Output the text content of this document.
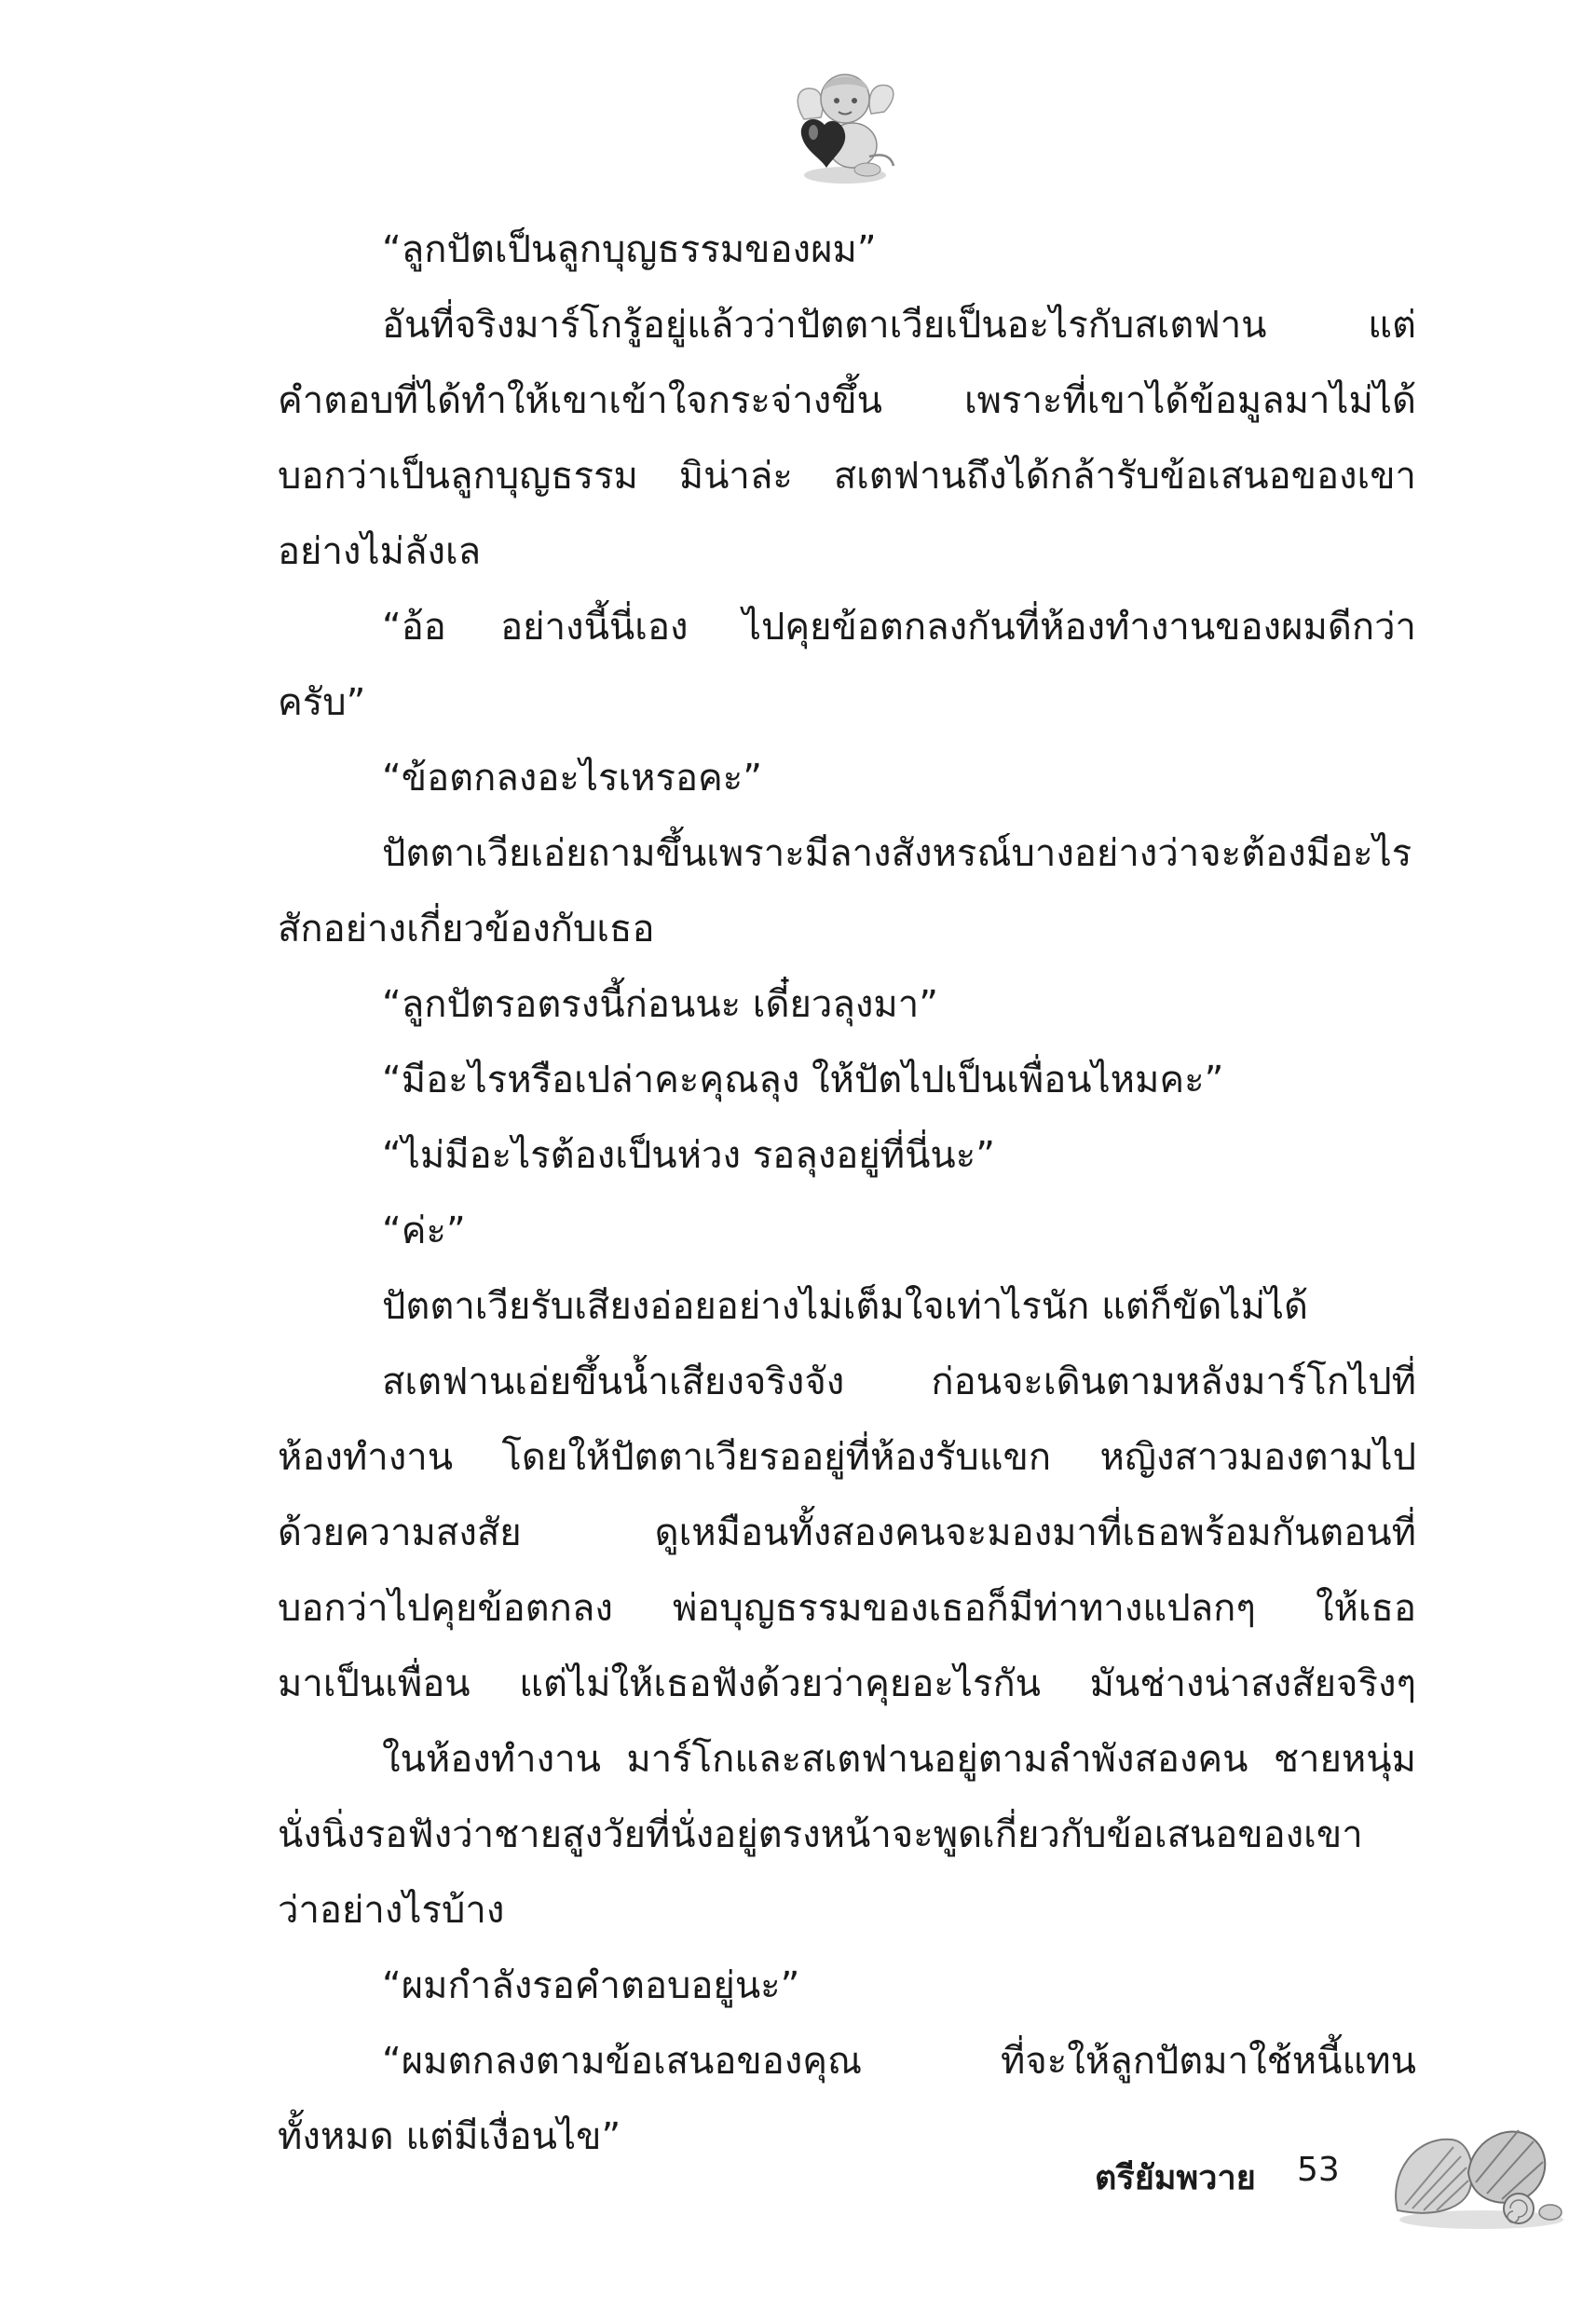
“ลูกปัตเป็นลูกบุญธรรมของผม”
อันที่จริงมาร์โกรู้อยู่แล้วว่าปัตตาเวียเป็นอะไรกับสเตฟาน แต่
คำตอบที่ได้ทำให้เขาเข้าใจกระจ่างขึ้น เพราะที่เขาได้ข้อมูลมาไม่ได้
บอกว่าเป็นลูกบุญธรรม มิน่าล่ะ สเตฟานถึงได้กล้ารับข้อเสนอของเขา
อย่างไม่ลังเล
“อ้อ อย่างนี้นี่เอง ไปคุยข้อตกลงกันที่ห้องทำงานของผมดีกว่า
ครับ”
“ข้อตกลงอะไรเหรอคะ”
ปัตตาเวียเอ่ยถามขึ้นเพราะมีลางสังหรณ์บางอย่างว่าจะต้องมีอะไร
สักอย่างเกี่ยวข้องกับเธอ
“ลูกปัตรอตรงนี้ก่อนนะ เดี๋ยวลุงมา”
“มีอะไรหรือเปล่าคะคุณลุง ให้ปัตไปเป็นเพื่อนไหมคะ”
“ไม่มีอะไรต้องเป็นห่วง รอลุงอยู่ที่นี่นะ”
“ค่ะ”
ปัตตาเวียรับเสียงอ่อยอย่างไม่เต็มใจเท่าไรนัก แต่ก็ขัดไม่ได้
สเตฟานเอ่ยขึ้นน้ำเสียงจริงจัง ก่อนจะเดินตามหลังมาร์โกไปที่
ห้องทำงาน โดยให้ปัตตาเวียรออยู่ที่ห้องรับแขก หญิงสาวมองตามไป
ด้วยความสงสัย ดูเหมือนทั้งสองคนจะมองมาที่เธอพร้อมกันตอนที่
บอกว่าไปคุยข้อตกลง พ่อบุญธรรมของเธอก็มีท่าทางแปลกๆ ให้เธอ
มาเป็นเพื่อน แต่ไม่ให้เธอฟังด้วยว่าคุยอะไรกัน มันช่างน่าสงสัยจริงๆ
ในห้องทำงาน มาร์โกและสเตฟานอยู่ตามลำพังสองคน ชายหนุ่ม
นั่งนิ่งรอฟังว่าชายสูงวัยที่นั่งอยู่ตรงหน้าจะพูดเกี่ยวกับข้อเสนอของเขา
ว่าอย่างไรบ้าง
“ผมกำลังรอคำตอบอยู่นะ”
“ผมตกลงตามข้อเสนอของคุณ ที่จะให้ลูกปัตมาใช้หนี้แทน
ทั้งหมด แต่มีเงื่อนไข”
ตรียัมพวาย 53
